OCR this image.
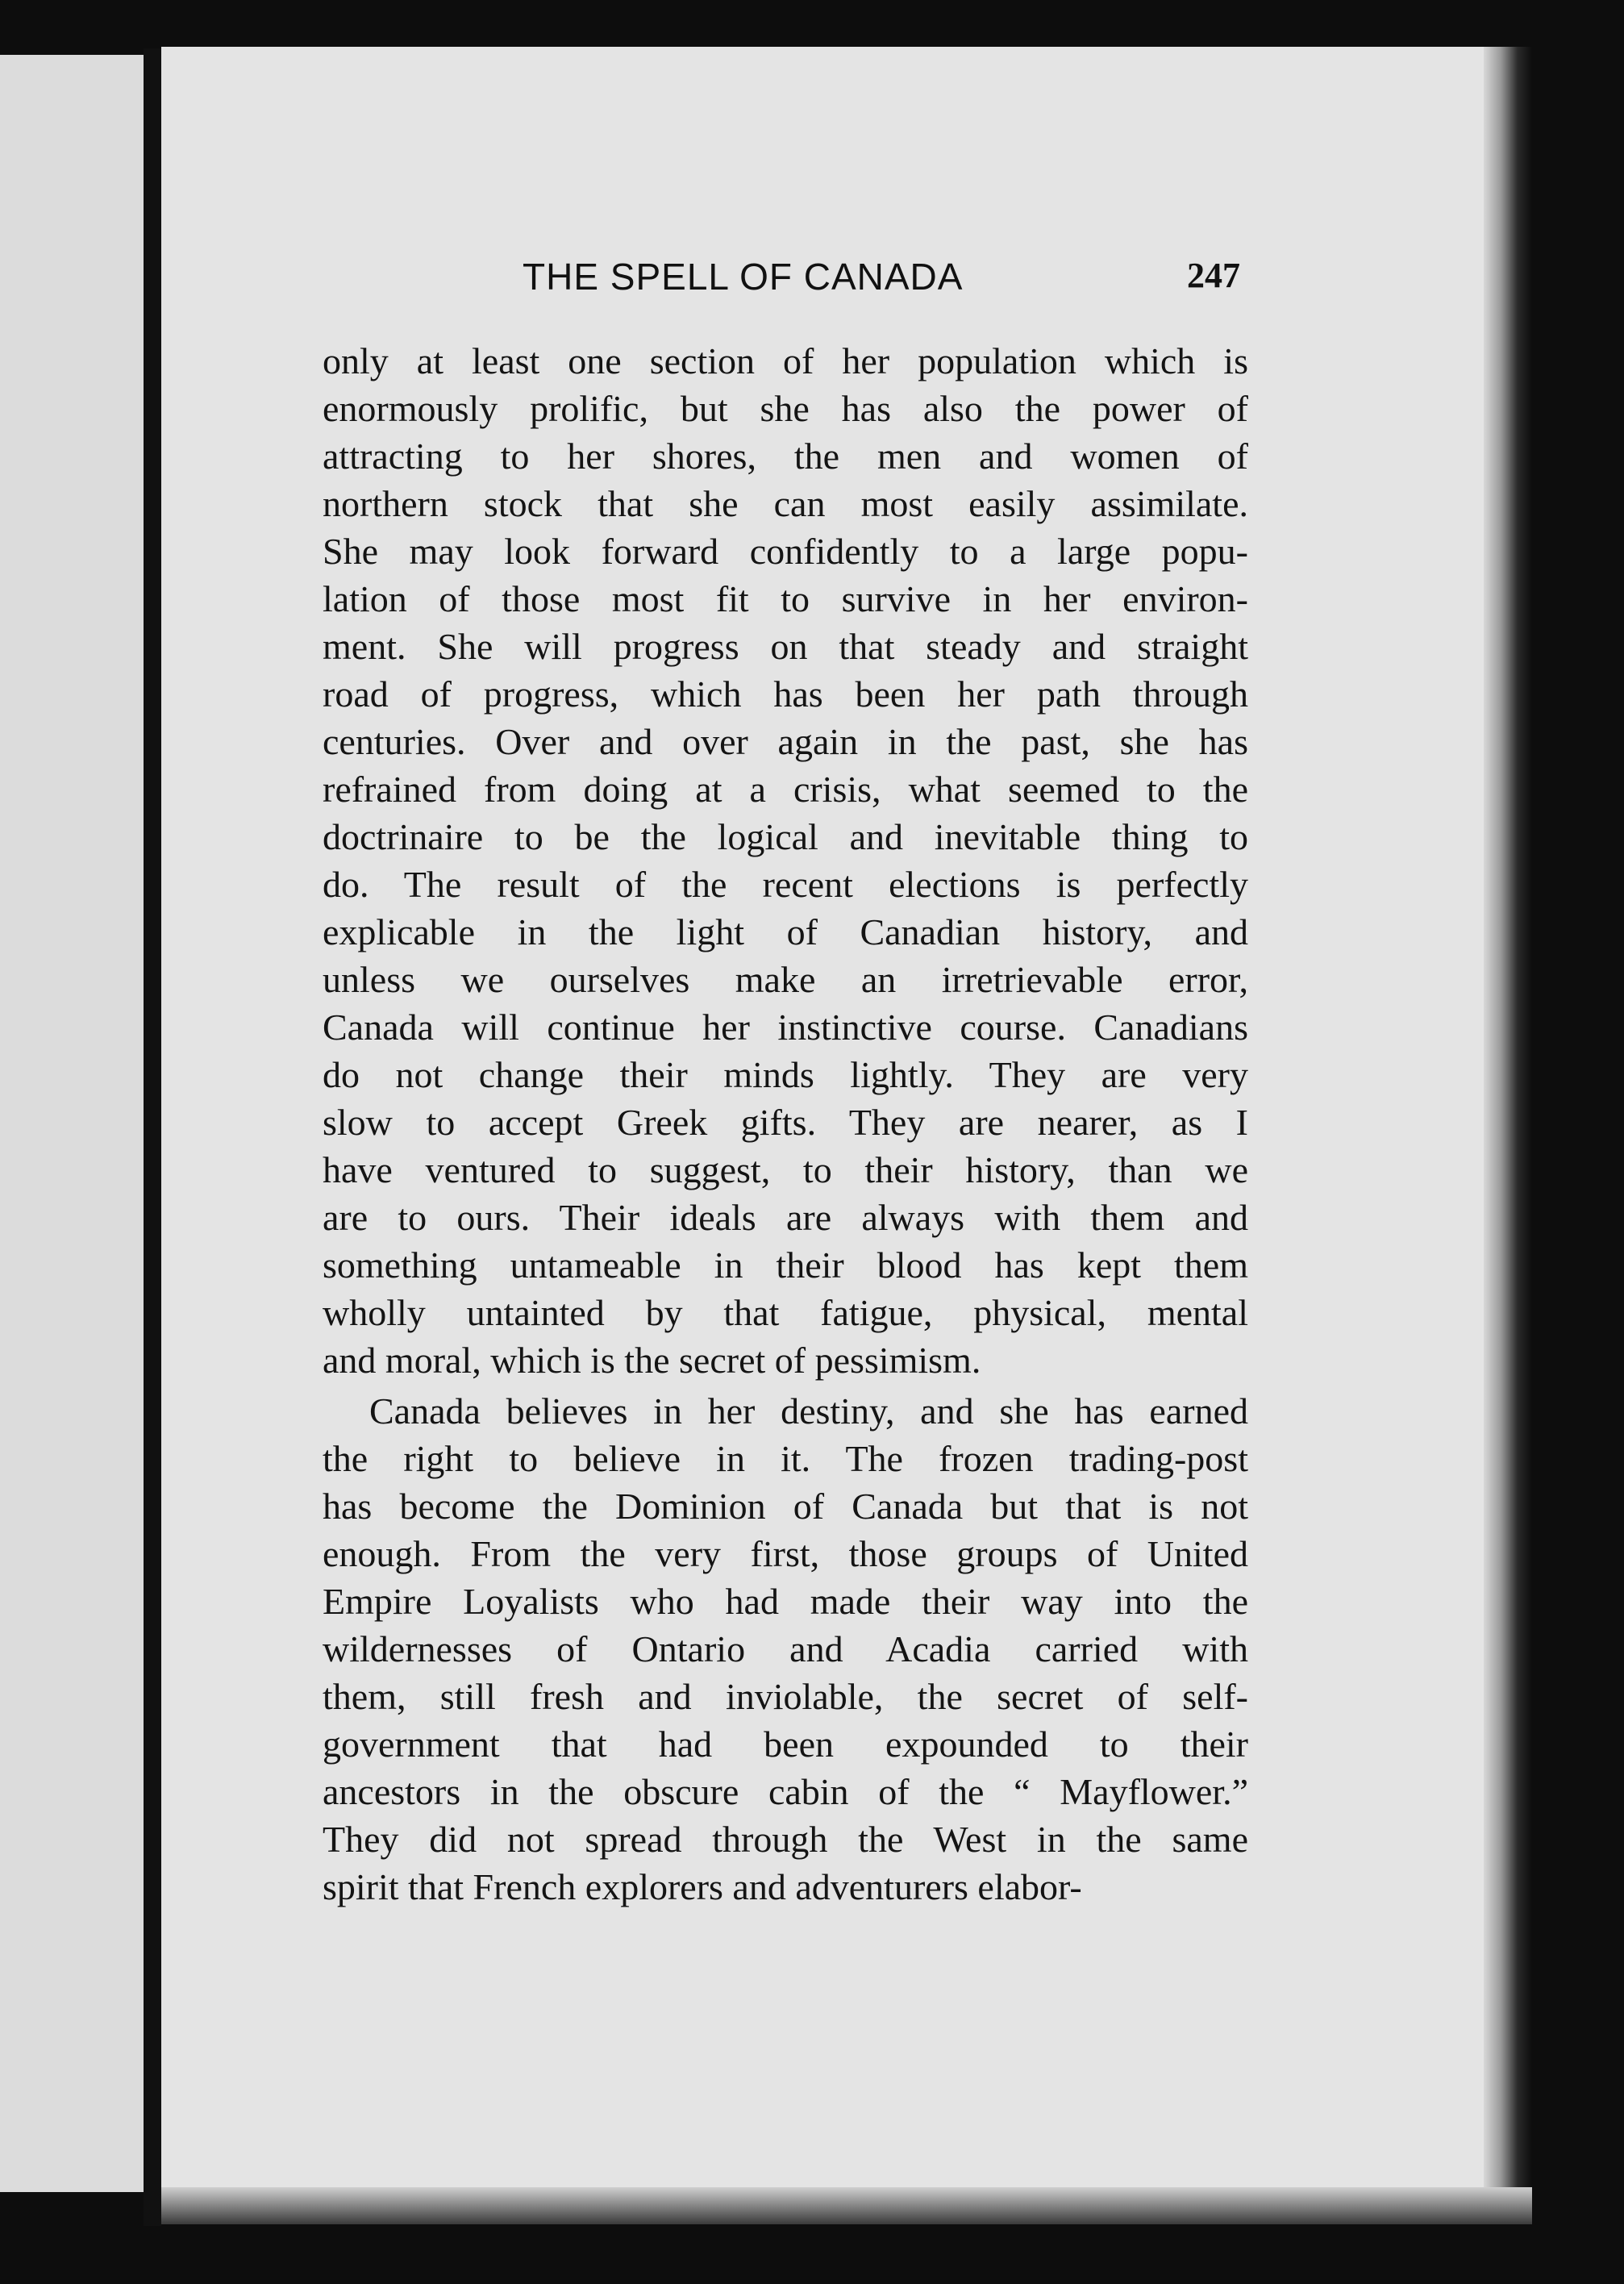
THE SPELL OF CANADA	247
only at least one section of her population which is
enormously prolific, but she has also the power of
attracting to her shores, the men and women of
northern stock that she can most easily assimilate.
She may look forward confidently to a large popu-
lation of those most fit to survive in her environ-
ment. She will progress on that steady and straight
road of progress, which has been her path through
centuries. Over and over again in the past, she has
refrained from doing at a crisis, what seemed to the
doctrinaire to be the logical and inevitable thing to
do. The result of the recent elections is perfectly
explicable in the light of Canadian history, and
unless we ourselves make an irretrievable error,
Canada will continue her instinctive course. Canadians
do not change their minds lightly. They are very
slow to accept Greek gifts. They are nearer, as I
have ventured to suggest, to their history, than we
are to ours. Their ideals are always with them and
something untameable in their blood has kept them
wholly untainted by that fatigue, physical, mental
and moral, which is the secret of pessimism.
Canada believes in her destiny, and she has earned
the right to believe in it. The frozen trading-post
has become the Dominion of Canada but that is not
enough. From the very first, those groups of United
Empire Loyalists who had made their way into the
wildernesses of Ontario and Acadia carried with
them, still fresh and inviolable, the secret of self-
government that had been expounded to their
ancestors in the obscure cabin of the “ Mayflower.”
They did not spread through the West in the same
spirit that French explorers and adventurers elabor-
